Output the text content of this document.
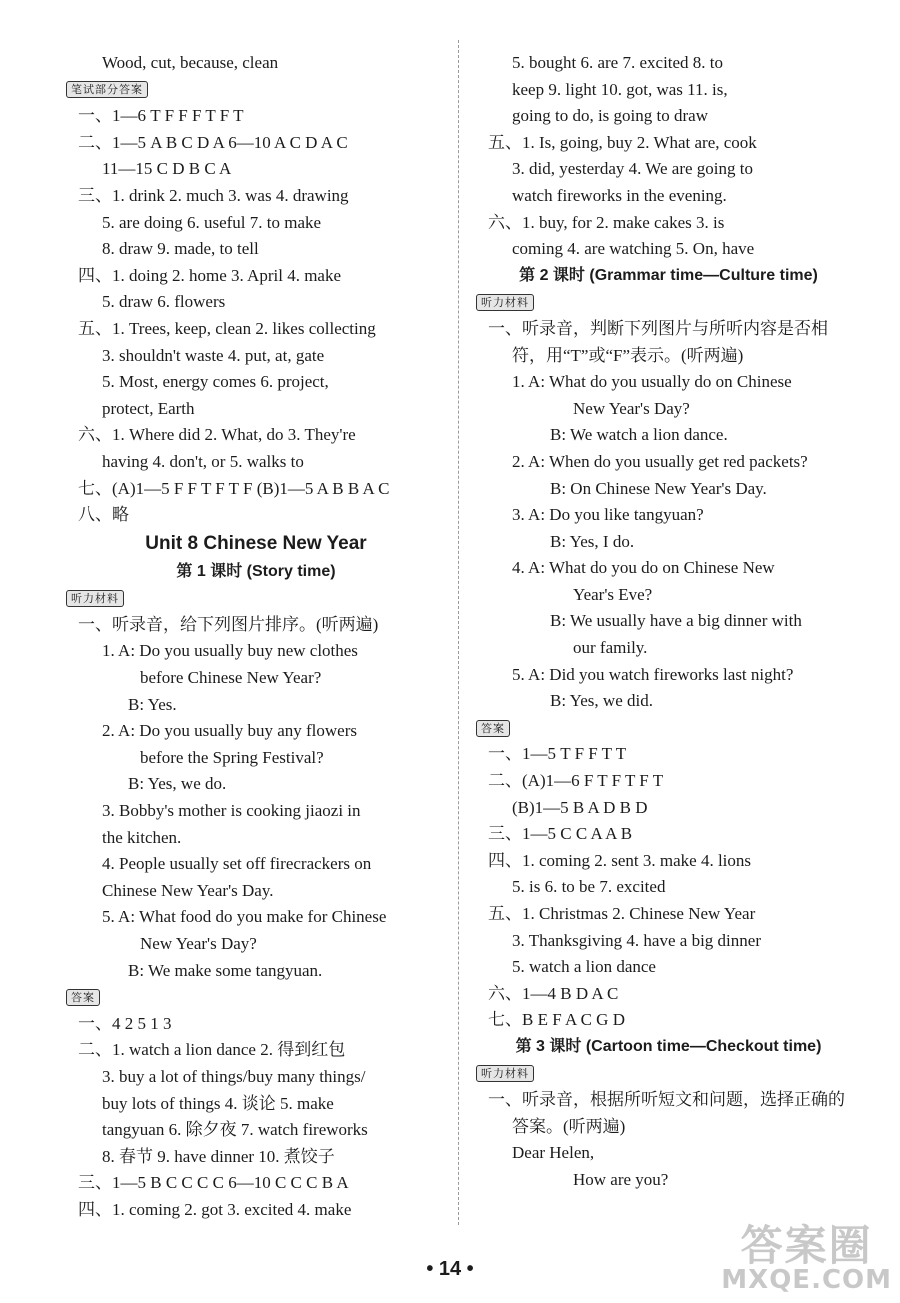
Wood, cut, because, clean
笔试部分答案
一、1—6 T F F F T F T
二、1—5 A B C D A 6—10 A C D A C
11—15 C D B C A
三、1. drink 2. much 3. was 4. drawing
5. are doing 6. useful 7. to make
8. draw 9. made, to tell
四、1. doing 2. home 3. April 4. make
5. draw 6. flowers
五、1. Trees, keep, clean 2. likes collecting
3. shouldn't waste 4. put, at, gate
5. Most, energy comes 6. project,
protect, Earth
六、1. Where did 2. What, do 3. They're
having 4. don't, or 5. walks to
七、(A)1—5 F F T F T F (B)1—5 A B B A C
八、略
Unit 8 Chinese New Year
第 1 课时 (Story time)
听力材料
一、听录音，给下列图片排序。(听两遍)
1. A: Do you usually buy new clothes
before Chinese New Year?
B: Yes.
2. A: Do you usually buy any flowers
before the Spring Festival?
B: Yes, we do.
3. Bobby's mother is cooking jiaozi in
the kitchen.
4. People usually set off firecrackers on
Chinese New Year's Day.
5. A: What food do you make for Chinese
New Year's Day?
B: We make some tangyuan.
答案
一、4 2 5 1 3
二、1. watch a lion dance 2. 得到红包
3. buy a lot of things/buy many things/
buy lots of things 4. 谈论 5. make
tangyuan 6. 除夕夜 7. watch fireworks
8. 春节 9. have dinner 10. 煮饺子
三、1—5 B C C C C 6—10 C C C B A
四、1. coming 2. got 3. excited 4. make
5. bought 6. are 7. excited 8. to
keep 9. light 10. got, was 11. is,
going to do, is going to draw
五、1. Is, going, buy 2. What are, cook
3. did, yesterday 4. We are going to
watch fireworks in the evening.
六、1. buy, for 2. make cakes 3. is
coming 4. are watching 5. On, have
第 2 课时 (Grammar time—Culture time)
听力材料
一、听录音，判断下列图片与所听内容是否相
符，用“T”或“F”表示。(听两遍)
1. A: What do you usually do on Chinese
New Year's Day?
B: We watch a lion dance.
2. A: When do you usually get red packets?
B: On Chinese New Year's Day.
3. A: Do you like tangyuan?
B: Yes, I do.
4. A: What do you do on Chinese New
Year's Eve?
B: We usually have a big dinner with
our family.
5. A: Did you watch fireworks last night?
B: Yes, we did.
答案
一、1—5 T F F T T
二、(A)1—6 F T F T F T
(B)1—5 B A D B D
三、1—5 C C A A B
四、1. coming 2. sent 3. make 4. lions
5. is 6. to be 7. excited
五、1. Christmas 2. Chinese New Year
3. Thanksgiving 4. have a big dinner
5. watch a lion dance
六、1—4 B D A C
七、B E F A C G D
第 3 课时 (Cartoon time—Checkout time)
听力材料
一、听录音，根据所听短文和问题，选择正确的
答案。(听两遍)
Dear Helen,
How are you?
• 14 •	答案圈
MXQE.COM
